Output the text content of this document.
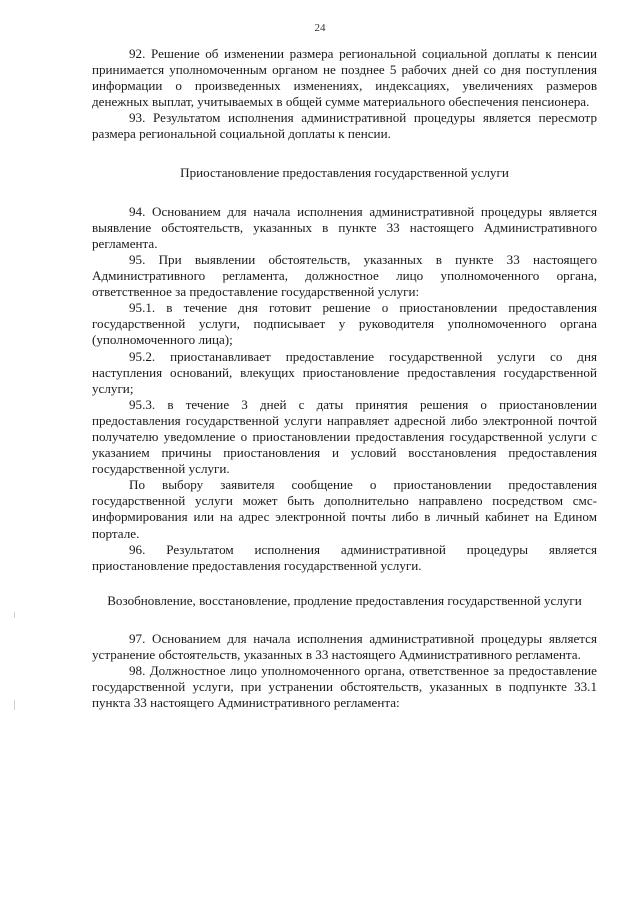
24

92. Решение об изменении размера региональной социальной доплаты к пенсии принимается уполномоченным органом не позднее 5 рабочих дней со дня поступления информации о произведенных изменениях, индексациях, увеличениях размеров денежных выплат, учитываемых в общей сумме материального обеспечения пенсионера.

93. Результатом исполнения административной процедуры является пересмотр размера региональной социальной доплаты к пенсии.

Приостановление предоставления государственной услуги

94. Основанием для начала исполнения административной процедуры является выявление обстоятельств, указанных в пункте 33 настоящего Административного регламента.

95. При выявлении обстоятельств, указанных в пункте 33 настоящего Административного регламента, должностное лицо уполномоченного органа, ответственное за предоставление государственной услуги:

95.1. в течение дня готовит решение о приостановлении предоставления государственной услуги, подписывает у руководителя уполномоченного органа (уполномоченного лица);

95.2. приостанавливает предоставление государственной услуги со дня наступления оснований, влекущих приостановление предоставления государственной услуги;

95.3. в течение 3 дней с даты принятия решения о приостановлении предоставления государственной услуги направляет адресной либо электронной почтой получателю уведомление о приостановлении предоставления государственной услуги с указанием причины приостановления и условий восстановления предоставления государственной услуги.

По выбору заявителя сообщение о приостановлении предоставления государственной услуги может быть дополнительно направлено посредством смс-информирования или на адрес электронной почты либо в личный кабинет на Едином портале.

96. Результатом исполнения административной процедуры является приостановление предоставления государственной услуги.

Возобновление, восстановление, продление предоставления государственной услуги

97. Основанием для начала исполнения административной процедуры является устранение обстоятельств, указанных в 33 настоящего Административного регламента.

98. Должностное лицо уполномоченного органа, ответственное за предоставление государственной услуги, при устранении обстоятельств, указанных в подпункте 33.1 пункта 33 настоящего Административного регламента:
